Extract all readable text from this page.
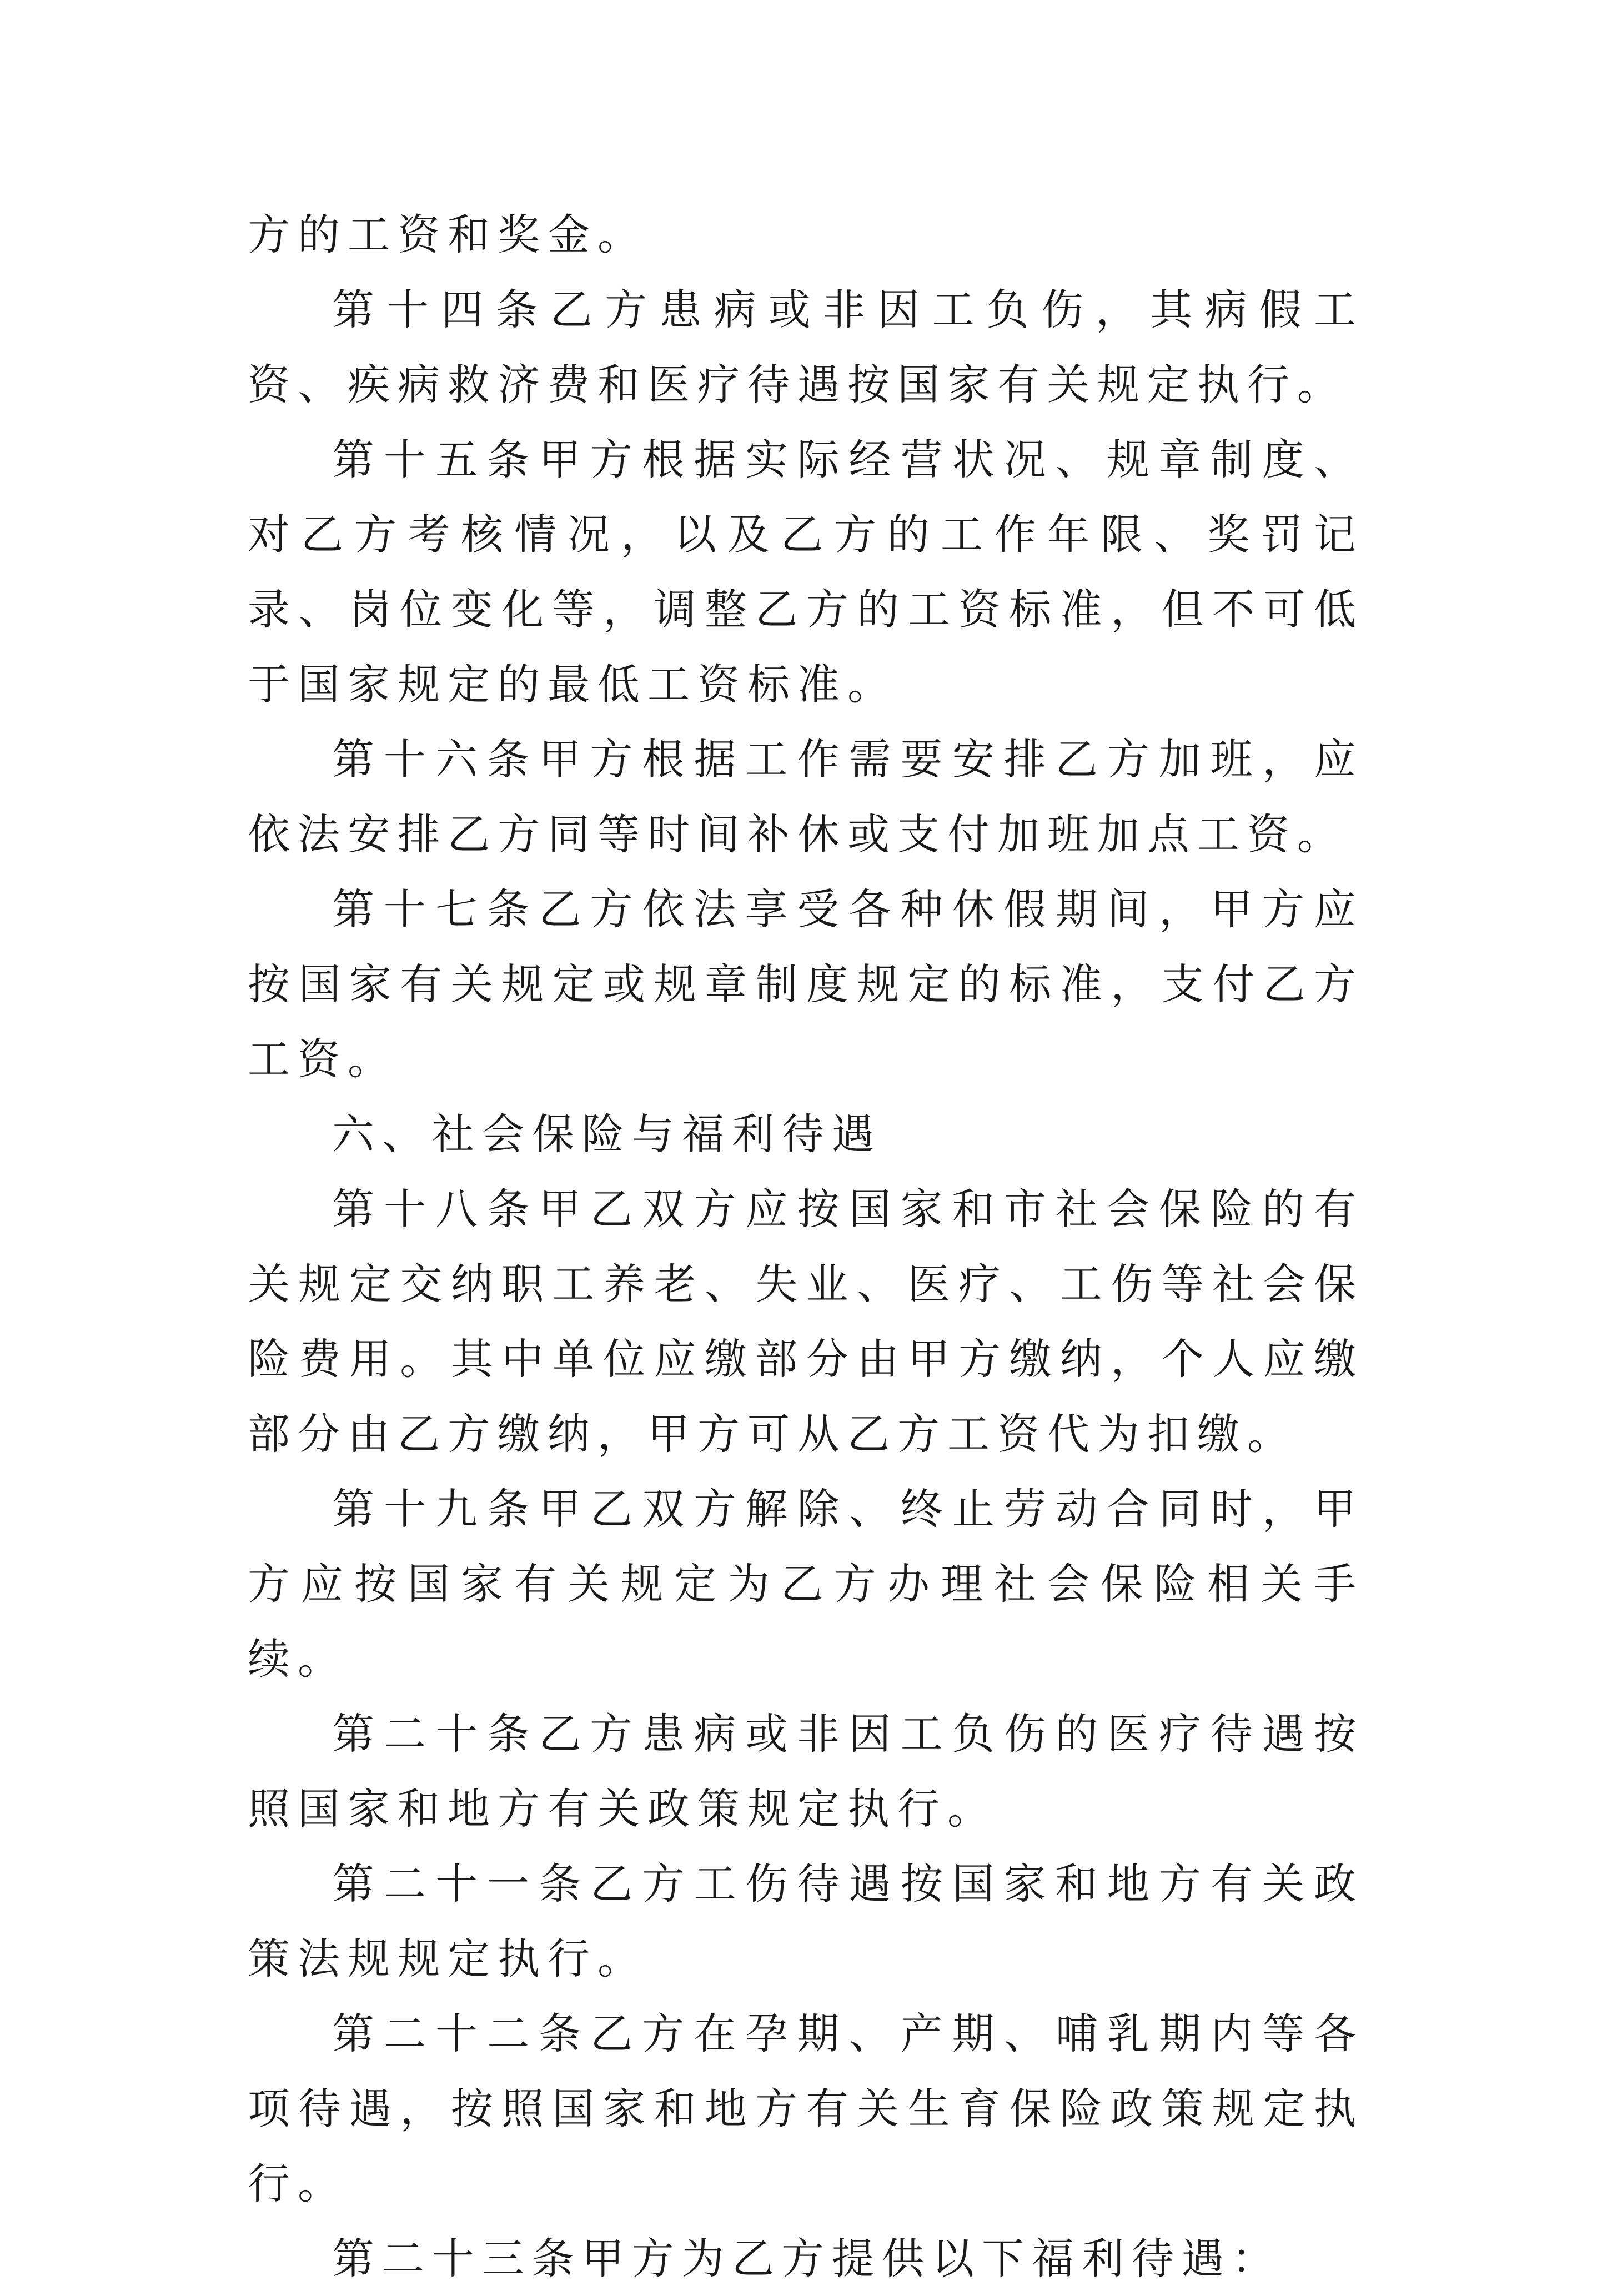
方的工资和奖金。

第十四条乙方患病或非因工负伤，其病假工资、疾病救济费和医疗待遇按国家有关规定执行。

第十五条甲方根据实际经营状况、规章制度、对乙方考核情况，以及乙方的工作年限、奖罚记录、岗位变化等，调整乙方的工资标准，但不可低于国家规定的最低工资标准。

第十六条甲方根据工作需要安排乙方加班，应依法安排乙方同等时间补休或支付加班加点工资。

第十七条乙方依法享受各种休假期间，甲方应按国家有关规定或规章制度规定的标准，支付乙方工资。

六、社会保险与福利待遇

第十八条甲乙双方应按国家和市社会保险的有关规定交纳职工养老、失业、医疗、工伤等社会保险费用。其中单位应缴部分由甲方缴纳，个人应缴部分由乙方缴纳，甲方可从乙方工资代为扣缴。

第十九条甲乙双方解除、终止劳动合同时，甲方应按国家有关规定为乙方办理社会保险相关手续。

第二十条乙方患病或非因工负伤的医疗待遇按照国家和地方有关政策规定执行。

第二十一条乙方工伤待遇按国家和地方有关政策法规规定执行。

第二十二条乙方在孕期、产期、哺乳期内等各项待遇，按照国家和地方有关生育保险政策规定执行。

第二十三条甲方为乙方提供以下福利待遇：
